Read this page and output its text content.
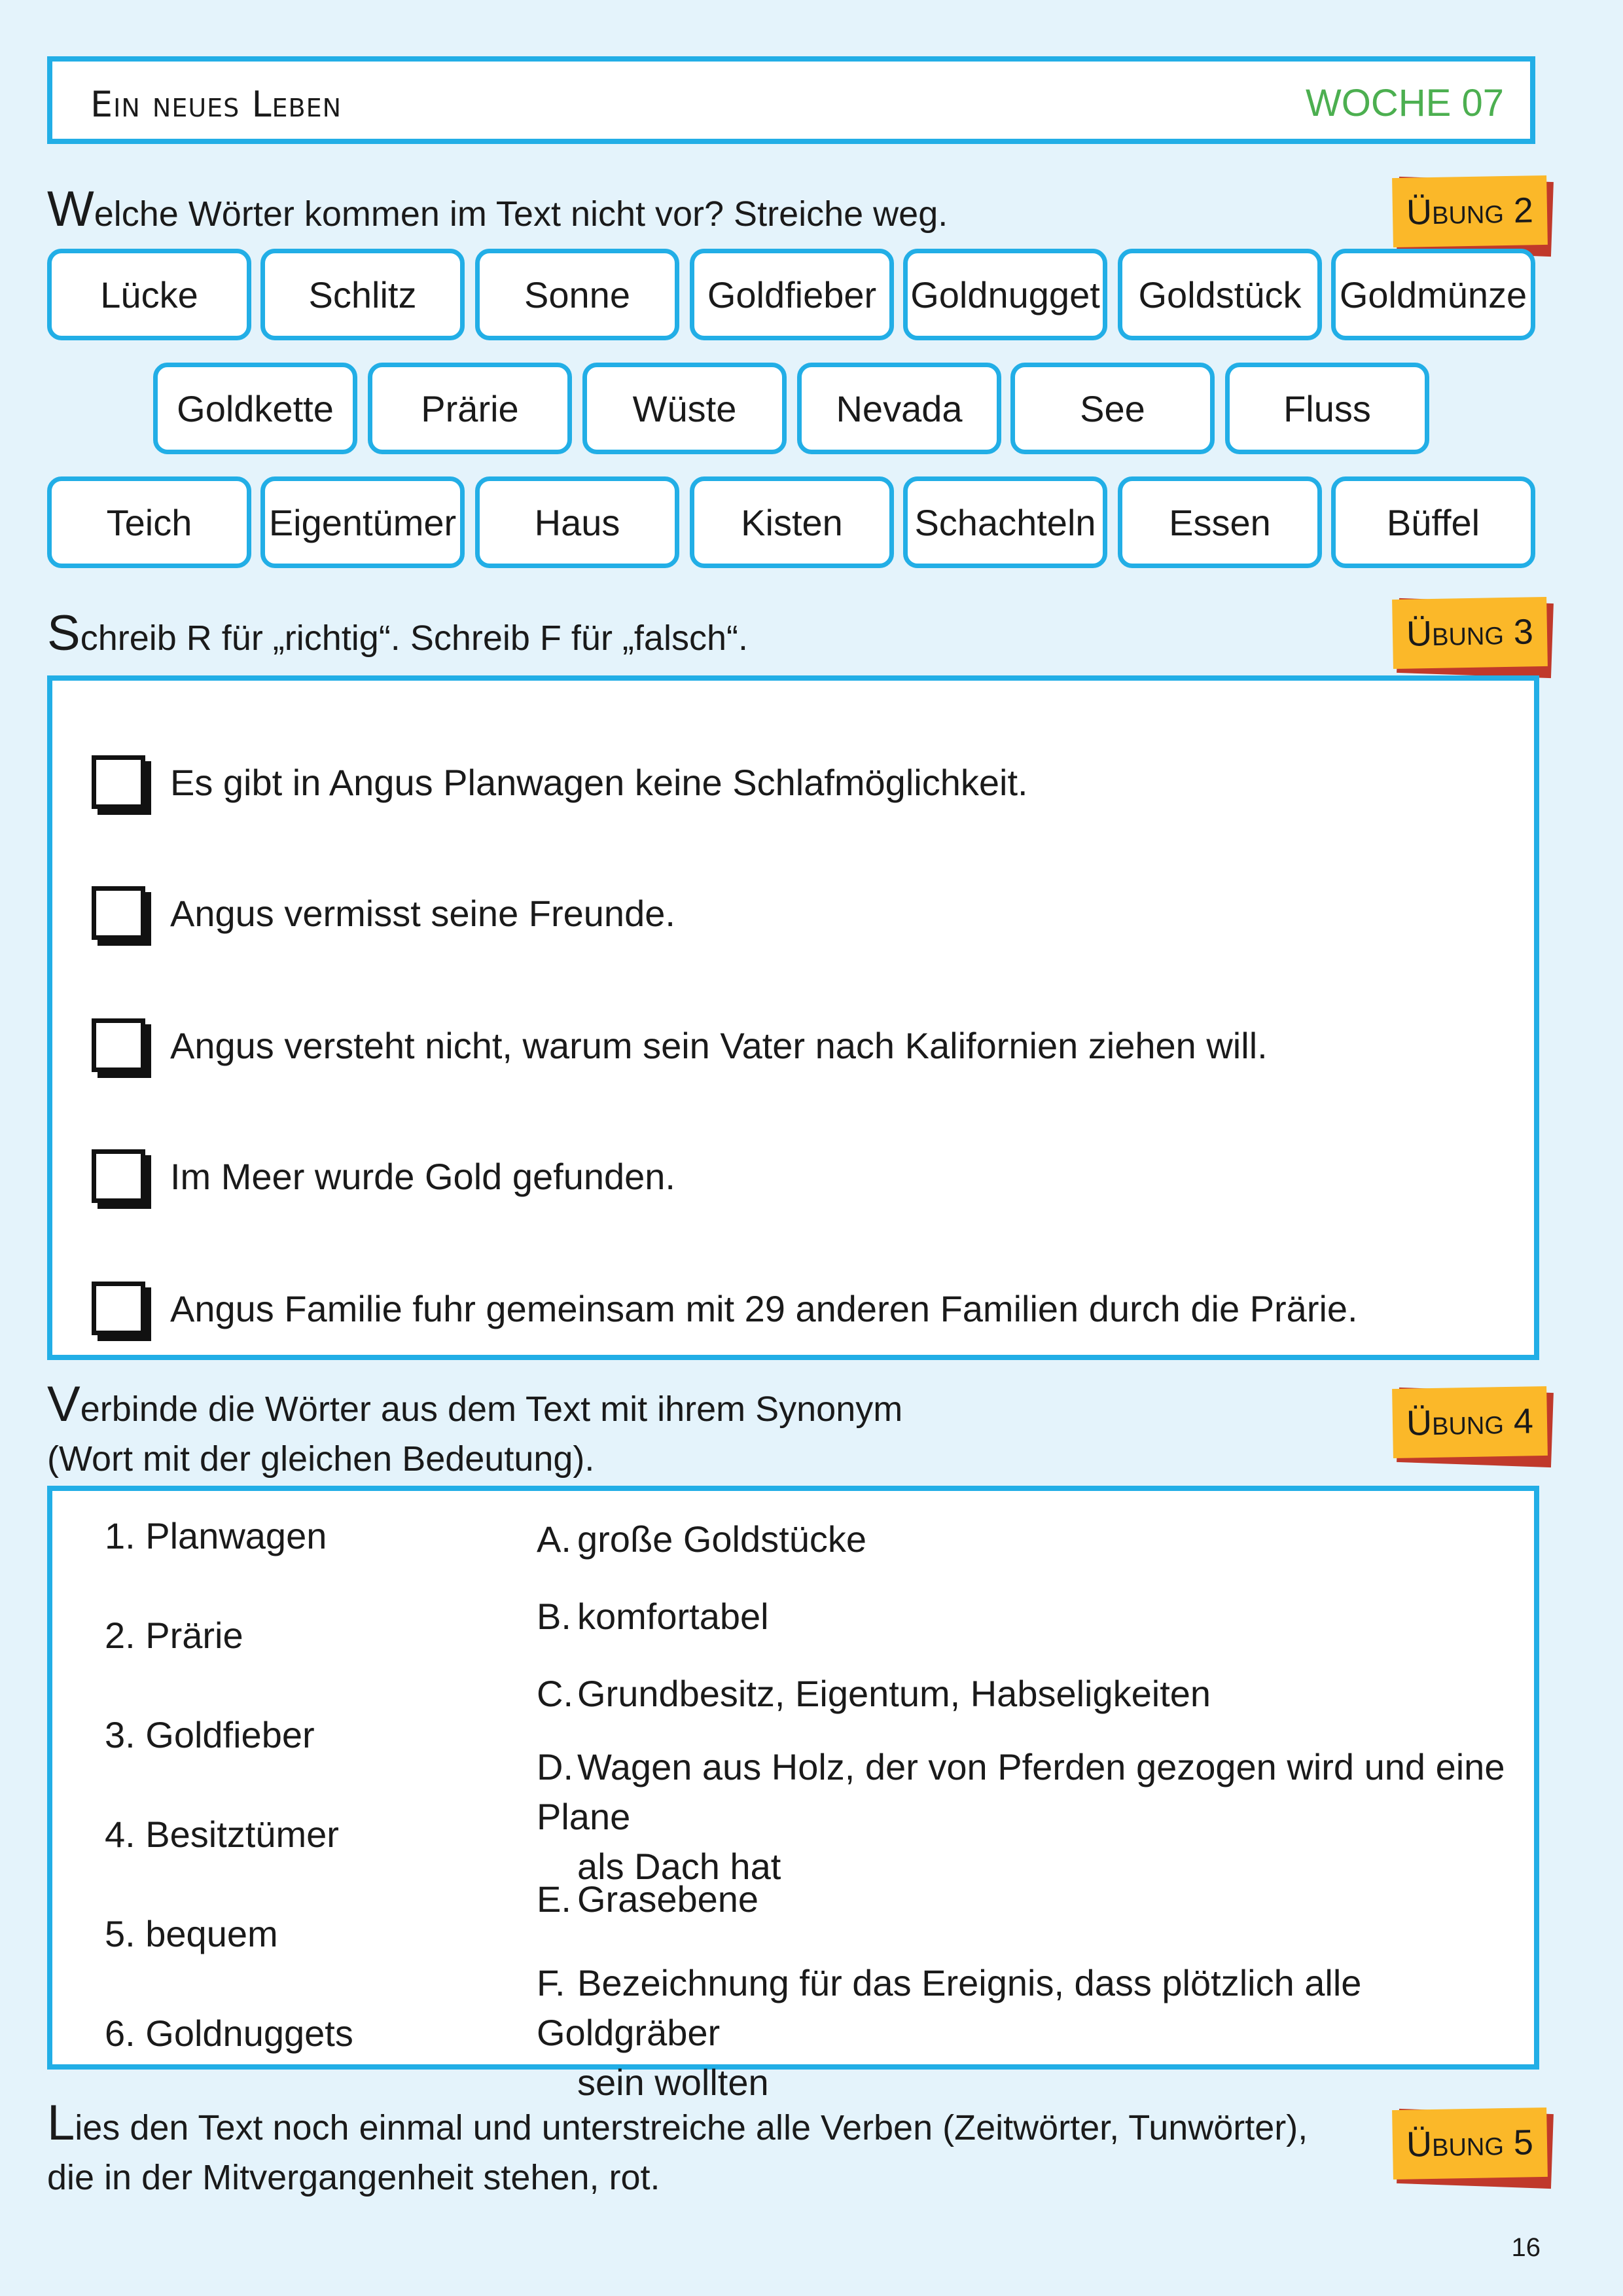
Ein neues Leben	WOCHE 07
Welche Wörter kommen im Text nicht vor? Streiche weg.	Übung 2
Lücke	Schlitz	Sonne	Goldfieber Goldnugget	Goldstück	Goldmünze
Goldkette	Prärie	Wüste	Nevada	See	Fluss
Teich	Eigentümer	Haus	Kisten	Schachteln	Essen	Büffel
Schreib R für „richtig“. Schreib F für „falsch“.	Übung 3
Es gibt in Angus Planwagen keine Schlafmöglichkeit.
Angus vermisst seine Freunde.
Angus versteht nicht, warum sein Vater nach Kalifornien ziehen will.
Im Meer wurde Gold gefunden.
Angus Familie fuhr gemeinsam mit 29 anderen Familien durch die Prärie.
Verbinde die Wörter aus dem Text mit ihrem Synonym
(Wort mit der gleichen Bedeutung).
Übung 4
1. Planwagen
2. Prärie
3. Goldfieber
4. Besitztümer
5. bequem
6. Goldnuggets
A. große Goldstücke
B. komfortabel
C. Grundbesitz, Eigentum, Habseligkeiten
D. Wagen aus Holz, der von Pferden gezogen wird und eine Plane
als Dach hat
E. Grasebene
F. Bezeichnung für das Ereignis, dass plötzlich alle Goldgräber
sein wollten
Lies den Text noch einmal und unterstreiche alle Verben (Zeitwörter, Tunwörter),
die in der Mitvergangenheit stehen, rot.
Übung 5
16
